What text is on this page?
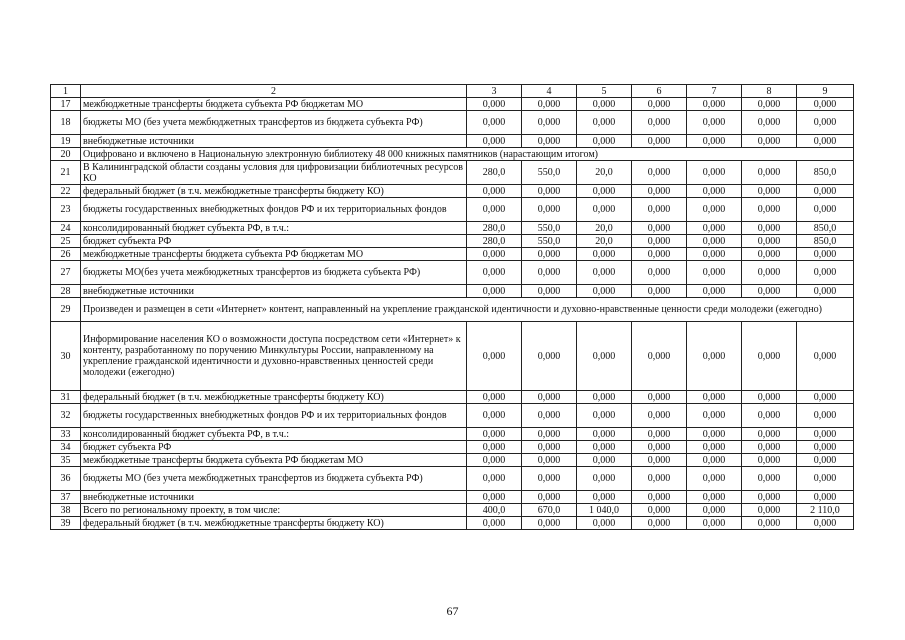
1	2	3	4	5	6	7	8	9
17	межбюджетные трансферты бюджета субъекта РФ бюджетам МО	0,000	0,000	0,000	0,000	0,000	0,000	0,000
18	бюджеты МО (без учета межбюджетных трансфертов из бюджета субъекта РФ)	0,000	0,000	0,000	0,000	0,000	0,000	0,000
19	внебюджетные источники	0,000	0,000	0,000	0,000	0,000	0,000	0,000
20	Оцифровано и включено в Национальную электронную библиотеку 48 000 книжных памятников (нарастающим итогом)							
21	В Калининградской области созданы условия для цифровизации библиотечных ресурсов КО	280,0	550,0	20,0	0,000	0,000	0,000	850,0
22	федеральный бюджет (в т.ч. межбюджетные трансферты бюджету КО)	0,000	0,000	0,000	0,000	0,000	0,000	0,000
23	бюджеты государственных внебюджетных фондов РФ и их территориальных фондов	0,000	0,000	0,000	0,000	0,000	0,000	0,000
24	консолидированный бюджет субъекта РФ, в т.ч.:	280,0	550,0	20,0	0,000	0,000	0,000	850,0
25	бюджет субъекта РФ	280,0	550,0	20,0	0,000	0,000	0,000	850,0
26	межбюджетные трансферты бюджета субъекта РФ бюджетам МО	0,000	0,000	0,000	0,000	0,000	0,000	0,000
27	бюджеты МО(без учета межбюджетных трансфертов из бюджета субъекта РФ)	0,000	0,000	0,000	0,000	0,000	0,000	0,000
28	внебюджетные источники	0,000	0,000	0,000	0,000	0,000	0,000	0,000
29	Произведен и размещен в сети «Интернет» контент, направленный на укрепление гражданской идентичности и духовно-нравственные ценности среди молодежи (ежегодно)							
30	Информирование населения КО о возможности доступа посредством сети «Интернет» к контенту, разработанному по поручению Минкультуры России, направленному на укрепление гражданской идентичности и духовно-нравственных ценностей среди молодежи (ежегодно)	0,000	0,000	0,000	0,000	0,000	0,000	0,000
31	федеральный бюджет (в т.ч. межбюджетные трансферты бюджету КО)	0,000	0,000	0,000	0,000	0,000	0,000	0,000
32	бюджеты государственных внебюджетных фондов РФ и их территориальных фондов	0,000	0,000	0,000	0,000	0,000	0,000	0,000
33	консолидированный бюджет субъекта РФ, в т.ч.:	0,000	0,000	0,000	0,000	0,000	0,000	0,000
34	бюджет субъекта РФ	0,000	0,000	0,000	0,000	0,000	0,000	0,000
35	межбюджетные трансферты бюджета субъекта РФ бюджетам МО	0,000	0,000	0,000	0,000	0,000	0,000	0,000
36	бюджеты МО (без учета межбюджетных трансфертов из бюджета субъекта РФ)	0,000	0,000	0,000	0,000	0,000	0,000	0,000
37	внебюджетные источники	0,000	0,000	0,000	0,000	0,000	0,000	0,000
38	Всего по региональному проекту, в том числе:	400,0	670,0	1 040,0	0,000	0,000	0,000	2 110,0
39	федеральный бюджет (в т.ч. межбюджетные трансферты бюджету КО)	0,000	0,000	0,000	0,000	0,000	0,000	0,000
67
